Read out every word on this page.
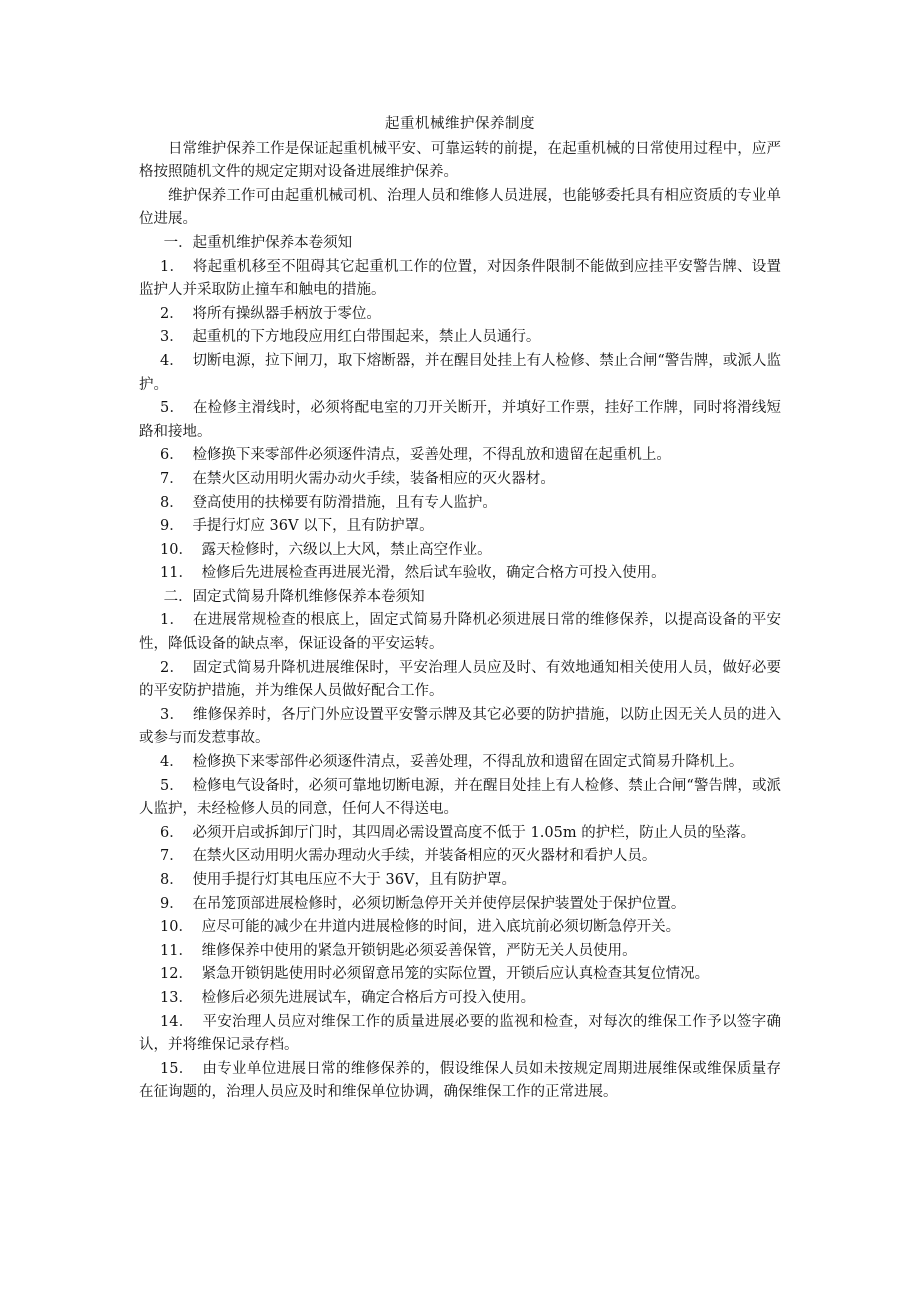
起重机械维护保养制度

日常维护保养工作是保证起重机械平安、可靠运转的前提，在起重机械的日常使用过程中，应严格按照随机文件的规定定期对设备进展维护保养。

维护保养工作可由起重机械司机、治理人员和维修人员进展，也能够委托具有相应资质的专业单位进展。

一．起重机维护保养本卷须知

1． 将起重机移至不阻碍其它起重机工作的位置，对因条件限制不能做到应挂平安警告牌、设置监护人并采取防止撞车和触电的措施。

2． 将所有操纵器手柄放于零位。

3． 起重机的下方地段应用红白带围起来，禁止人员通行。

4． 切断电源，拉下闸刀，取下熔断器，并在醒目处挂上有人检修、禁止合闸“警告牌，或派人监护。

5． 在检修主滑线时，必须将配电室的刀开关断开，并填好工作票，挂好工作牌，同时将滑线短路和接地。

6． 检修换下来零部件必须逐件清点，妥善处理，不得乱放和遗留在起重机上。

7． 在禁火区动用明火需办动火手续，装备相应的灭火器材。

8． 登高使用的扶梯要有防滑措施，且有专人监护。

9． 手提行灯应 36V 以下，且有防护罩。

10． 露天检修时，六级以上大风，禁止高空作业。

11． 检修后先进展检查再进展光滑，然后试车验收，确定合格方可投入使用。

二．固定式简易升降机维修保养本卷须知

1． 在进展常规检查的根底上，固定式简易升降机必须进展日常的维修保养，以提高设备的平安性，降低设备的缺点率，保证设备的平安运转。

2． 固定式简易升降机进展维保时，平安治理人员应及时、有效地通知相关使用人员，做好必要的平安防护措施，并为维保人员做好配合工作。

3． 维修保养时，各厅门外应设置平安警示牌及其它必要的防护措施，以防止因无关人员的进入或参与而发惹事故。

4． 检修换下来零部件必须逐件清点，妥善处理，不得乱放和遗留在固定式简易升降机上。

5． 检修电气设备时，必须可靠地切断电源，并在醒目处挂上有人检修、禁止合闸“警告牌，或派人监护，未经检修人员的同意，任何人不得送电。

6． 必须开启或拆卸厅门时，其四周必需设置高度不低于 1.05m 的护栏，防止人员的坠落。

7． 在禁火区动用明火需办理动火手续，并装备相应的灭火器材和看护人员。

8． 使用手提行灯其电压应不大于 36V，且有防护罩。

9． 在吊笼顶部进展检修时，必须切断急停开关并使停层保护装置处于保护位置。

10． 应尽可能的减少在井道内进展检修的时间，进入底坑前必须切断急停开关。

11． 维修保养中使用的紧急开锁钥匙必须妥善保管，严防无关人员使用。

12． 紧急开锁钥匙使用时必须留意吊笼的实际位置，开锁后应认真检查其复位情况。

13． 检修后必须先进展试车，确定合格后方可投入使用。

14． 平安治理人员应对维保工作的质量进展必要的监视和检查，对每次的维保工作予以签字确认，并将维保记录存档。

15． 由专业单位进展日常的维修保养的，假设维保人员如未按规定周期进展维保或维保质量存在征询题的，治理人员应及时和维保单位协调，确保维保工作的正常进展。
